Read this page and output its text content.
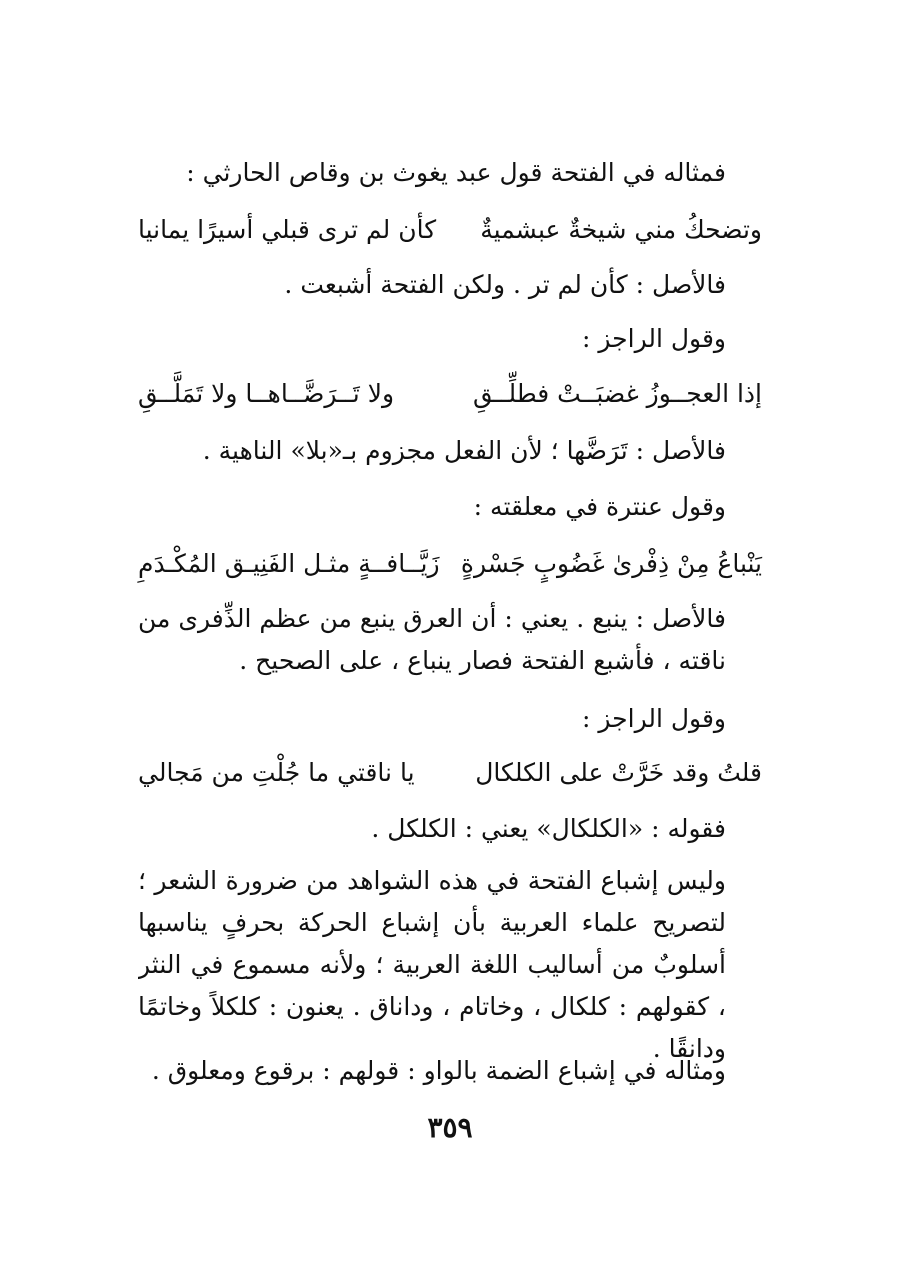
فمثاله في الفتحة قول عبد يغوث بن وقاص الحارثي :
وتضحكُ مني شيخةٌ عبشميةٌ
كأن لم ترى قبلي أسيرًا يمانيا
فالأصل : كأن لم تر . ولكن الفتحة أشبعت .
وقول الراجز :
إذا العجــوزُ غضبَــتْ فطلِّــقِ
ولا تَــرَضَّــاهــا ولا تَمَلَّــقِ
فالأصل : تَرَضَّها ؛ لأن الفعل مجزوم بـ«بلا» الناهية .
وقول عنترة في معلقته :
يَنْباعُ مِنْ ذِفْرىٰ غَضُوبٍ جَسْرةٍ
زَيَّــافــةٍ مثـل الفَنِيـق المُكْـدَمِ
فالأصل : ينبع . يعني : أن العرق ينبع من عظم الذِّفرى من ناقته ، فأشبع الفتحة فصار ينباع ، على الصحيح .
وقول الراجز :
قلتُ وقد خَرَّتْ على الكلكال
يا ناقتي ما جُلْتِ من مَجالي
فقوله : «الكلكال» يعني : الكلكل .
وليس إشباع الفتحة في هذه الشواهد من ضرورة الشعر ؛ لتصريح علماء العربية بأن إشباع الحركة بحرفٍ يناسبها أسلوبٌ من أساليب اللغة العربية ؛ ولأنه مسموع في النثر ، كقولهم : كلكال ، وخاتام ، وداناق . يعنون : كلكلاً وخاتمًا ودانقًا .
ومثاله في إشباع الضمة بالواو : قولهم : برقوع ومعلوق .
٣٥٩
